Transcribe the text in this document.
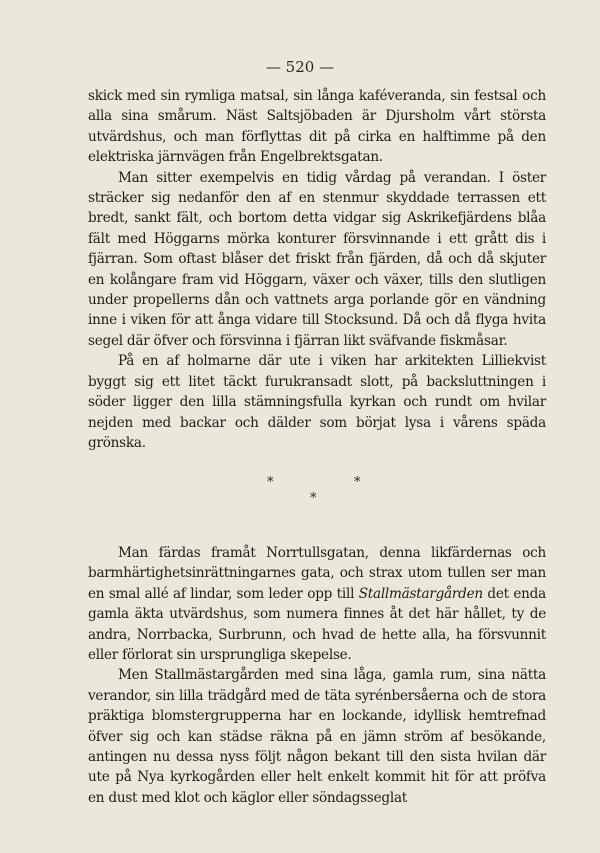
— 520 —

skick med sin rymliga matsal, sin långa kaféveranda, sin festsal och alla sina smårum. Näst Saltsjöbaden är Djursholm vårt största utvärdshus, och man förflyttas dit på cirka en halftimme på den elektriska järnvägen från Engelbrektsgatan.

Man sitter exempelvis en tidig vårdag på verandan. I öster sträcker sig nedanför den af en stenmur skyddade terrassen ett bredt, sankt fält, och bortom detta vidgar sig Askrikefjärdens blåa fält med Höggarns mörka konturer försvinnande i ett grått dis i fjärran. Som oftast blåser det friskt från fjärden, då och då skjuter en kolångare fram vid Höggarn, växer och växer, tills den slutligen under propellerns dån och vattnets arga porlande gör en vändning inne i viken för att ånga vidare till Stocksund. Då och då flyga hvita segel där öfver och försvinna i fjärran likt sväfvande fiskmåsar.

På en af holmarne där ute i viken har arkitekten Lilliekvist byggt sig ett litet täckt furukransadt slott, på backsluttningen i söder ligger den lilla stämningsfulla kyrkan och rundt om hvilar nejden med backar och dälder som börjat lysa i vårens späda grönska.

*	*
*

Man färdas framåt Norrtullsgatan, denna likfärdernas och barmhärtighetsinrättningarnes gata, och strax utom tullen ser man en smal allé af lindar, som leder opp till Stallmästargården det enda gamla äkta utvärdshus, som numera finnes åt det här hållet, ty de andra, Norrbacka, Surbrunn, och hvad de hette alla, ha försvunnit eller förlorat sin ursprungliga skepelse.

Men Stallmästargården med sina låga, gamla rum, sina nätta verandor, sin lilla trädgård med de täta syrénbersåerna och de stora präktiga blomstergrupperna har en lockande, idyllisk hemtrefnad öfver sig och kan städse räkna på en jämn ström af besökande, antingen nu dessa nyss följt någon bekant till den sista hvilan där ute på Nya kyrkogården eller helt enkelt kommit hit för att pröfva en dust med klot och käglor eller söndagsseglat
